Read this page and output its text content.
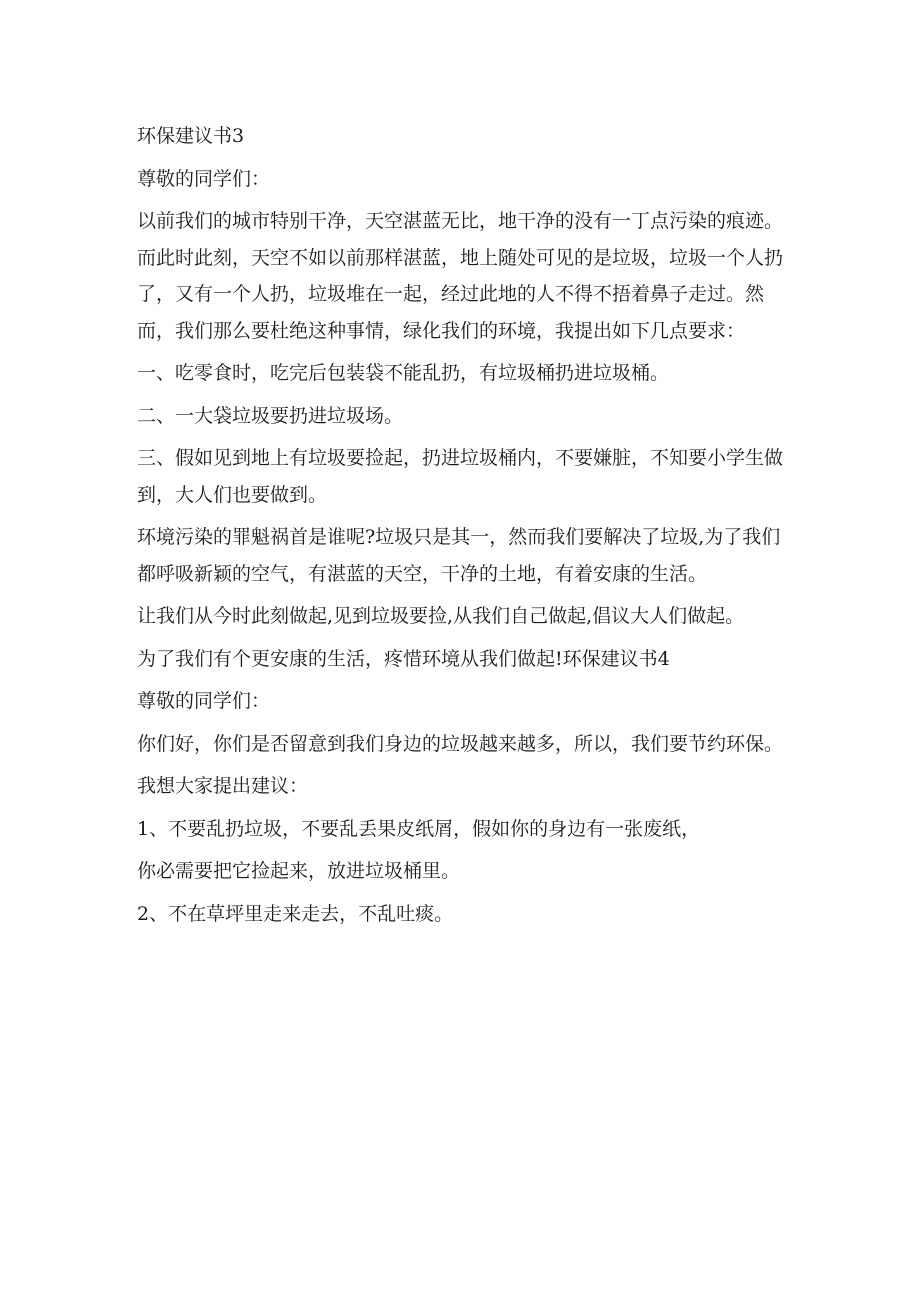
环保建议书3

尊敬的同学们：

以前我们的城市特别干净，天空湛蓝无比，地干净的没有一丁点污染的痕迹。而此时此刻，天空不如以前那样湛蓝，地上随处可见的是垃圾，垃圾一个人扔了，又有一个人扔，垃圾堆在一起，经过此地的人不得不捂着鼻子走过。然而，我们那么要杜绝这种事情，绿化我们的环境，我提出如下几点要求：

一、吃零食时，吃完后包装袋不能乱扔，有垃圾桶扔进垃圾桶。

二、一大袋垃圾要扔进垃圾场。

三、假如见到地上有垃圾要捡起，扔进垃圾桶内，不要嫌脏，不知要小学生做到，大人们也要做到。

环境污染的罪魁祸首是谁呢?垃圾只是其一，然而我们要解决了垃圾,为了我们都呼吸新颖的空气，有湛蓝的天空，干净的土地，有着安康的生活。

让我们从今时此刻做起,见到垃圾要捡,从我们自己做起,倡议大人们做起。

为了我们有个更安康的生活，疼惜环境从我们做起!环保建议书4

尊敬的同学们：

你们好，你们是否留意到我们身边的垃圾越来越多，所以，我们要节约环保。

我想大家提出建议：

1、不要乱扔垃圾，不要乱丢果皮纸屑，假如你的身边有一张废纸，

你必需要把它捡起来，放进垃圾桶里。

2、不在草坪里走来走去，不乱吐痰。
